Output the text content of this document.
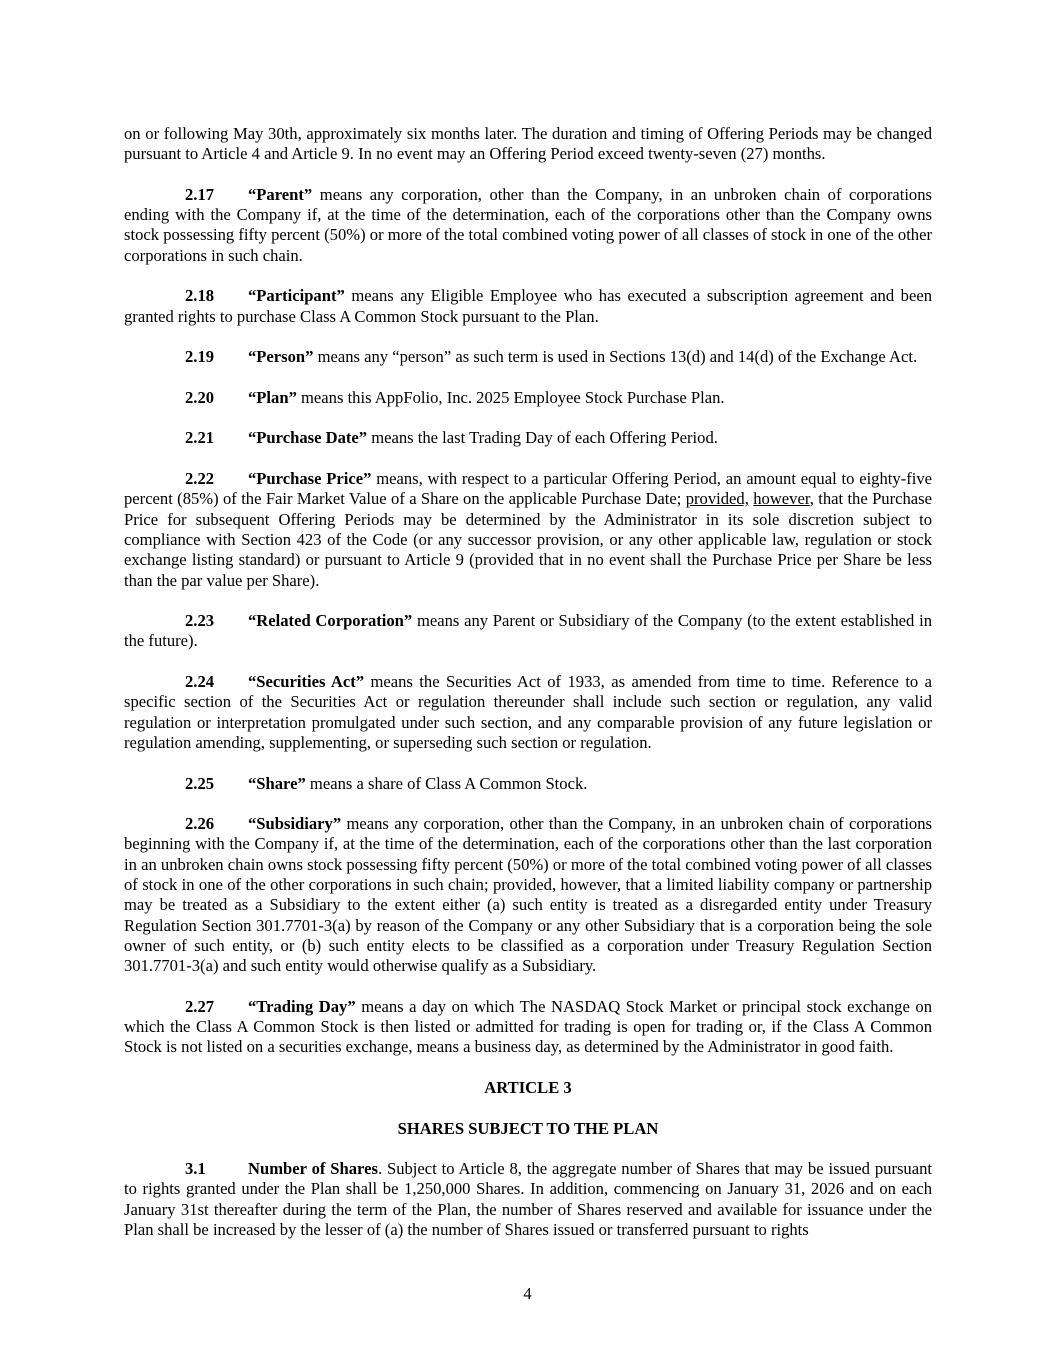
on or following May 30th, approximately six months later. The duration and timing of Offering Periods may be changed pursuant to Article 4 and Article 9. In no event may an Offering Period exceed twenty-seven (27) months.

2.17 “Parent” means any corporation, other than the Company, in an unbroken chain of corporations ending with the Company if, at the time of the determination, each of the corporations other than the Company owns stock possessing fifty percent (50%) or more of the total combined voting power of all classes of stock in one of the other corporations in such chain.

2.18 “Participant” means any Eligible Employee who has executed a subscription agreement and been granted rights to purchase Class A Common Stock pursuant to the Plan.

2.19 “Person” means any “person” as such term is used in Sections 13(d) and 14(d) of the Exchange Act.

2.20 “Plan” means this AppFolio, Inc. 2025 Employee Stock Purchase Plan.

2.21 “Purchase Date” means the last Trading Day of each Offering Period.

2.22 “Purchase Price” means, with respect to a particular Offering Period, an amount equal to eighty-five percent (85%) of the Fair Market Value of a Share on the applicable Purchase Date; provided, however, that the Purchase Price for subsequent Offering Periods may be determined by the Administrator in its sole discretion subject to compliance with Section 423 of the Code (or any successor provision, or any other applicable law, regulation or stock exchange listing standard) or pursuant to Article 9 (provided that in no event shall the Purchase Price per Share be less than the par value per Share).

2.23 “Related Corporation” means any Parent or Subsidiary of the Company (to the extent established in the future).

2.24 “Securities Act” means the Securities Act of 1933, as amended from time to time. Reference to a specific section of the Securities Act or regulation thereunder shall include such section or regulation, any valid regulation or interpretation promulgated under such section, and any comparable provision of any future legislation or regulation amending, supplementing, or superseding such section or regulation.

2.25 “Share” means a share of Class A Common Stock.

2.26 “Subsidiary” means any corporation, other than the Company, in an unbroken chain of corporations beginning with the Company if, at the time of the determination, each of the corporations other than the last corporation in an unbroken chain owns stock possessing fifty percent (50%) or more of the total combined voting power of all classes of stock in one of the other corporations in such chain; provided, however, that a limited liability company or partnership may be treated as a Subsidiary to the extent either (a) such entity is treated as a disregarded entity under Treasury Regulation Section 301.7701-3(a) by reason of the Company or any other Subsidiary that is a corporation being the sole owner of such entity, or (b) such entity elects to be classified as a corporation under Treasury Regulation Section 301.7701-3(a) and such entity would otherwise qualify as a Subsidiary.

2.27 “Trading Day” means a day on which The NASDAQ Stock Market or principal stock exchange on which the Class A Common Stock is then listed or admitted for trading is open for trading or, if the Class A Common Stock is not listed on a securities exchange, means a business day, as determined by the Administrator in good faith.

ARTICLE 3

SHARES SUBJECT TO THE PLAN

3.1	Number of Shares. Subject to Article 8, the aggregate number of Shares that may be issued pursuant to rights granted under the Plan shall be 1,250,000 Shares. In addition, commencing on January 31, 2026 and on each January 31st thereafter during the term of the Plan, the number of Shares reserved and available for issuance under the Plan shall be increased by the lesser of (a) the number of Shares issued or transferred pursuant to rights

4
